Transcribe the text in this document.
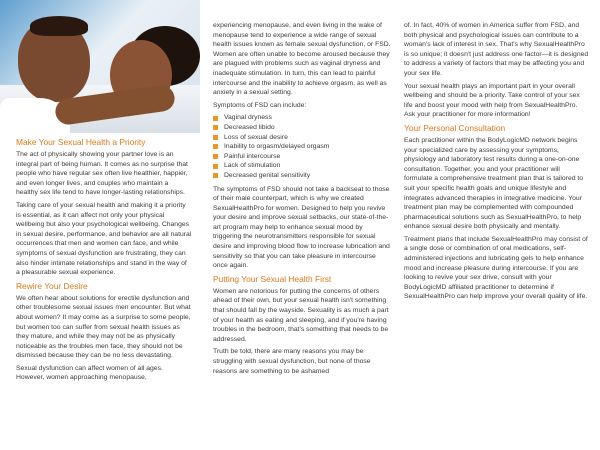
Make Your Sexual Health a Priority

The act of physically showing your partner love is an integral part of being human. It comes as no surprise that people who have regular sex often live healthier, happier, and even longer lives, and couples who maintain a healthy sex life tend to have longer-lasting relationships.

Taking care of your sexual health and making it a priority is essential, as it can affect not only your physical wellbeing but also your psychological wellbeing. Changes in sexual desire, performance, and behavior are all natural occurrences that men and women can face, and while symptoms of sexual dysfunction are frustrating, they can also hinder intimate relationships and stand in the way of a pleasurable sexual experience.

Rewire Your Desire

We often hear about solutions for erectile dysfunction and other troublesome sexual issues men encounter. But what about women? It may come as a surprise to some people, but women too can suffer from sexual health issues as they mature, and while they may not be as physically noticeable as the troubles men face, they should not be dismissed because they can be no less devastating.

Sexual dysfunction can affect women of all ages. However, women approaching menopause,

experiencing menopause, and even living in the wake of menopause tend to experience a wide range of sexual health issues known as female sexual dysfunction, or FSD. Women are often unable to become aroused because they are plagued with problems such as vaginal dryness and inadequate stimulation. In turn, this can lead to painful intercourse and the inability to achieve orgasm, as well as anxiety in a sexual setting.

Symptoms of FSD can include:

Vaginal dryness
Decreased libido
Loss of sexual desire
Inability to orgasm/delayed orgasm
Painful intercourse
Lack of stimulation
Decreased genital sensitivity

The symptoms of FSD should not take a backseat to those of their male counterpart, which is why we created SexualHealthPro for women. Designed to help you revive your desire and improve sexual setbacks, our state-of-the-art program may help to enhance sexual mood by triggering the neurotransmitters responsible for sexual desire and improving blood flow to increase lubrication and sensitivity so that you can take pleasure in intercourse once again.

Putting Your Sexual Health First

Women are notorious for putting the concerns of others ahead of their own, but your sexual health isn't something that should fall by the wayside. Sexuality is as much a part of your health as eating and sleeping, and if you're having troubles in the bedroom, that's something that needs to be addressed.

Truth be told, there are many reasons you may be struggling with sexual dysfunction, but none of those reasons are something to be ashamed

of. In fact, 40% of women in America suffer from FSD, and both physical and psychological issues can contribute to a woman's lack of interest in sex. That's why SexualHealthPro is so unique; it doesn't just address one factor—it is designed to address a variety of factors that may be affecting you and your sex life.

Your sexual health plays an important part in your overall wellbeing and should be a priority. Take control of your sex life and boost your mood with help from SexualHealthPro. Ask your practitioner for more information!

Your Personal Consultation

Each practitioner within the BodyLogicMD network begins your specialized care by assessing your symptoms, physiology and laboratory test results during a one-on-one consultation. Together, you and your practitioner will formulate a comprehensive treatment plan that is tailored to suit your specific health goals and unique lifestyle and integrates advanced therapies in integrative medicine. Your treatment plan may be complemented with compounded pharmaceutical solutions such as SexualHealthPro, to help enhance sexual desire both physically and mentally.

Treatment plans that include SexualHealthPro may consist of a single dose or combination of oral medications, self-administered injections and lubricating gels to help enhance mood and increase pleasure during intercourse. If you are looking to revive your sex drive, consult with your BodyLogicMD affiliated practitioner to determine if SexualHealthPro can help improve your overall quality of life.
